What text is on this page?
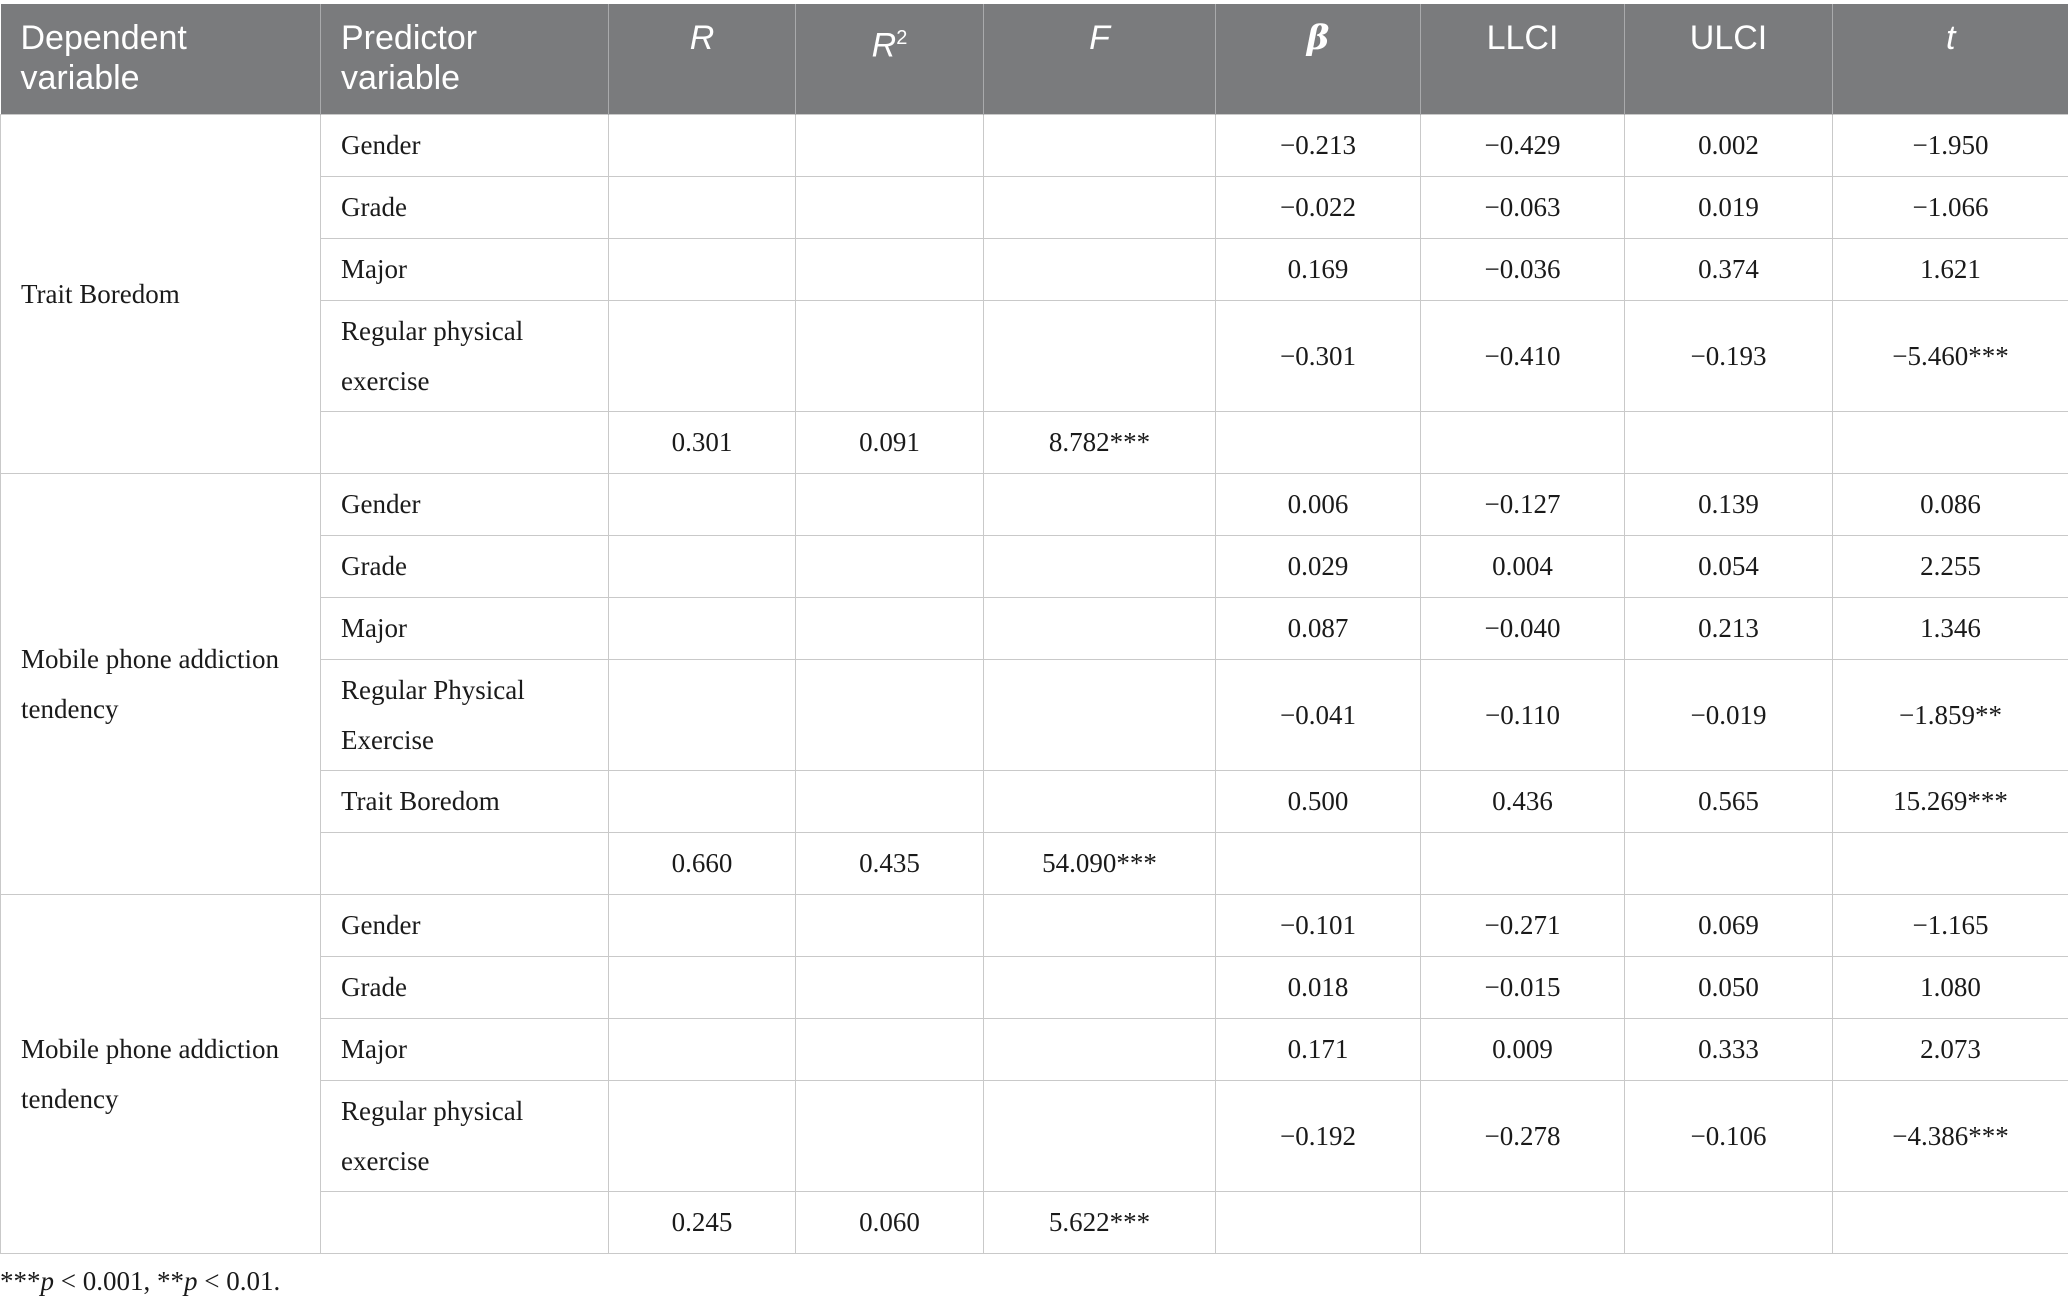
Dependent variable	Predictor variable	R	$R^2$	F	β	LLCI	ULCI	t
Trait Boredom	Gender				−0.213	−0.429	0.002	−1.950
	Grade				−0.022	−0.063	0.019	−1.066
	Major				0.169	−0.036	0.374	1.621
	Regular physical exercise				−0.301	−0.410	−0.193	−5.460***
		0.301	0.091	8.782***				
Mobile phone addiction tendency	Gender				0.006	−0.127	0.139	0.086
	Grade				0.029	0.004	0.054	2.255
	Major				0.087	−0.040	0.213	1.346
	Regular Physical Exercise				−0.041	−0.110	−0.019	−1.859**
	Trait Boredom				0.500	0.436	0.565	15.269***
		0.660	0.435	54.090***				
Mobile phone addiction tendency	Gender				−0.101	−0.271	0.069	−1.165
	Grade				0.018	−0.015	0.050	1.080
	Major				0.171	0.009	0.333	2.073
	Regular physical exercise				−0.192	−0.278	−0.106	−4.386***
		0.245	0.060	5.622***				
***p < 0.001, **p < 0.01.
